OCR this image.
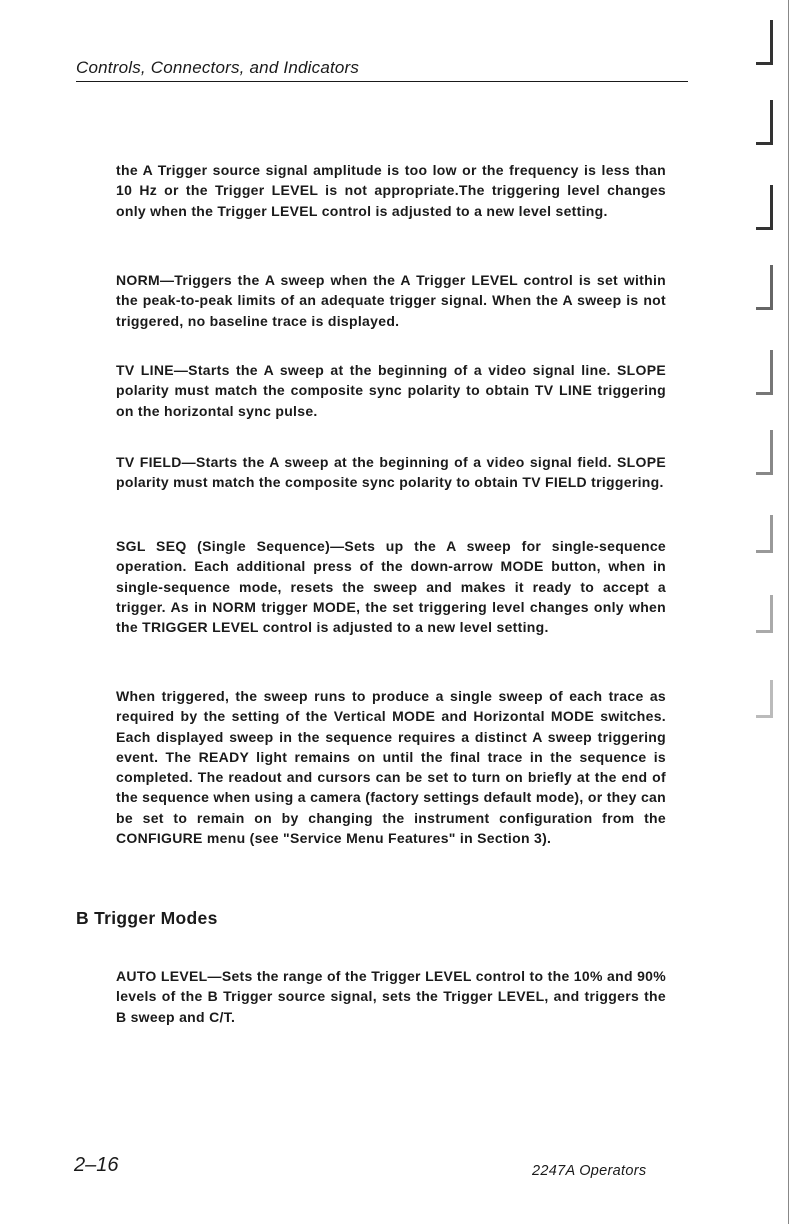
Controls, Connectors, and Indicators

the A Trigger source signal amplitude is too low or the frequency is less than 10 Hz or the Trigger LEVEL is not appropriate.The triggering level changes only when the Trigger LEVEL control is adjusted to a new level setting.

NORM—Triggers the A sweep when the A Trigger LEVEL control is set within the peak-to-peak limits of an adequate trigger signal. When the A sweep is not triggered, no baseline trace is displayed.

TV LINE—Starts the A sweep at the beginning of a video signal line. SLOPE polarity must match the composite sync polarity to obtain TV LINE triggering on the horizontal sync pulse.

TV FIELD—Starts the A sweep at the beginning of a video signal field. SLOPE polarity must match the composite sync polarity to obtain TV FIELD triggering.

SGL SEQ (Single Sequence)—Sets up the A sweep for single-sequence operation. Each additional press of the down-arrow MODE button, when in single-sequence mode, resets the sweep and makes it ready to accept a trigger. As in NORM trigger MODE, the set triggering level changes only when the TRIGGER LEVEL control is adjusted to a new level setting.

When triggered, the sweep runs to produce a single sweep of each trace as required by the setting of the Vertical MODE and Horizontal MODE switches. Each displayed sweep in the sequence requires a distinct A sweep triggering event. The READY light remains on until the final trace in the sequence is completed. The readout and cursors can be set to turn on briefly at the end of the sequence when using a camera (factory settings default mode), or they can be set to remain on by changing the instrument configuration from the CONFIGURE menu (see "Service Menu Features" in Section 3).

B Trigger Modes

AUTO LEVEL—Sets the range of the Trigger LEVEL control to the 10% and 90% levels of the B Trigger source signal, sets the Trigger LEVEL, and triggers the B sweep and C/T.

2–16	2247A Operators
